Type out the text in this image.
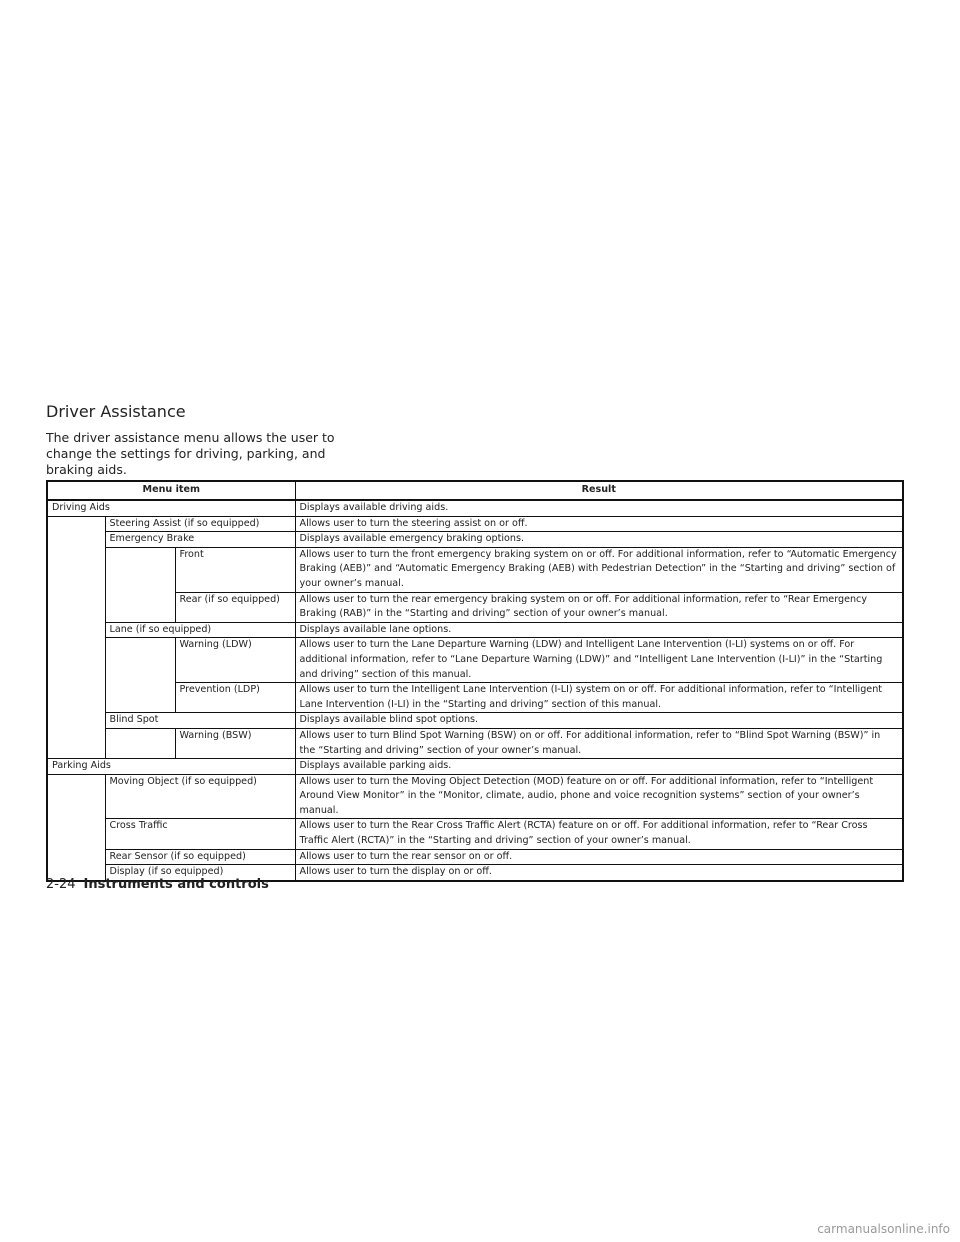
Driver Assistance

The driver assistance menu allows the user to change the settings for driving, parking, and braking aids.

Menu item			Result
Driving Aids			Displays available driving aids.
	Steering Assist (if so equipped)		Allows user to turn the steering assist on or off.
	Emergency Brake		Displays available emergency braking options.
		Front	Allows user to turn the front emergency braking system on or off. For additional information, refer to “Automatic Emergency Braking (AEB)” and “Automatic Emergency Braking (AEB) with Pedestrian Detection” in the “Starting and driving” section of your owner’s manual.
		Rear (if so equipped)	Allows user to turn the rear emergency braking system on or off. For additional information, refer to “Rear Emergency Braking (RAB)” in the “Starting and driving” section of your owner’s manual.
	Lane (if so equipped)		Displays available lane options.
		Warning (LDW)	Allows user to turn the Lane Departure Warning (LDW) and Intelligent Lane Intervention (I-LI) systems on or off. For additional information, refer to “Lane Departure Warning (LDW)” and “Intelligent Lane Intervention (I-LI)” in the “Starting and driving” section of this manual.
		Prevention (LDP)	Allows user to turn the Intelligent Lane Intervention (I-LI) system on or off. For additional information, refer to “Intelligent Lane Intervention (I-LI) in the “Starting and driving” section of this manual.
	Blind Spot		Displays available blind spot options.
		Warning (BSW)	Allows user to turn Blind Spot Warning (BSW) on or off. For additional information, refer to “Blind Spot Warning (BSW)” in the “Starting and driving” section of your owner’s manual.
Parking Aids			Displays available parking aids.
	Moving Object (if so equipped)		Allows user to turn the Moving Object Detection (MOD) feature on or off. For additional information, refer to “Intelligent Around View Monitor” in the “Monitor, climate, audio, phone and voice recognition systems” section of your owner’s manual.
	Cross Traffic		Allows user to turn the Rear Cross Traffic Alert (RCTA) feature on or off. For additional information, refer to “Rear Cross Traffic Alert (RCTA)” in the “Starting and driving” section of your owner’s manual.
	Rear Sensor (if so equipped)		Allows user to turn the rear sensor on or off.
	Display (if so equipped)		Allows user to turn the display on or off.
2-24 Instruments and controls
carmanualsonline.info
